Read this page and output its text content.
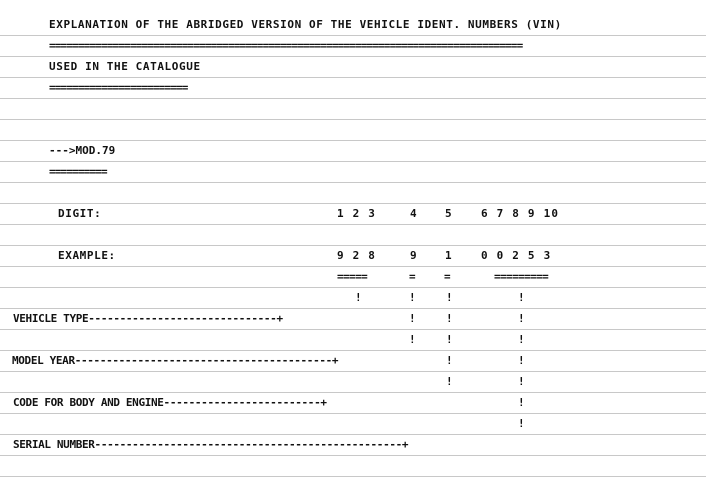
EXPLANATION OF THE ABRIDGED VERSION OF THE VEHICLE IDENT. NUMBERS (VIN)
==================================================================================
USED IN THE CATALOGUE
========================
--->MOD.79
==========
DIGIT:	1 2 3	4	5	6 7 8 9 10
EXAMPLE:	9 2 8	9	1	0 0 2 5 3
=====	=	=	=========
!	!	!	!
VEHICLE TYPE------------------------------+	!	!	!
!	!	!
MODEL YEAR-----------------------------------------+	!	!
!	!
CODE FOR BODY AND ENGINE-------------------------+	!
!
SERIAL NUMBER-------------------------------------------------+
